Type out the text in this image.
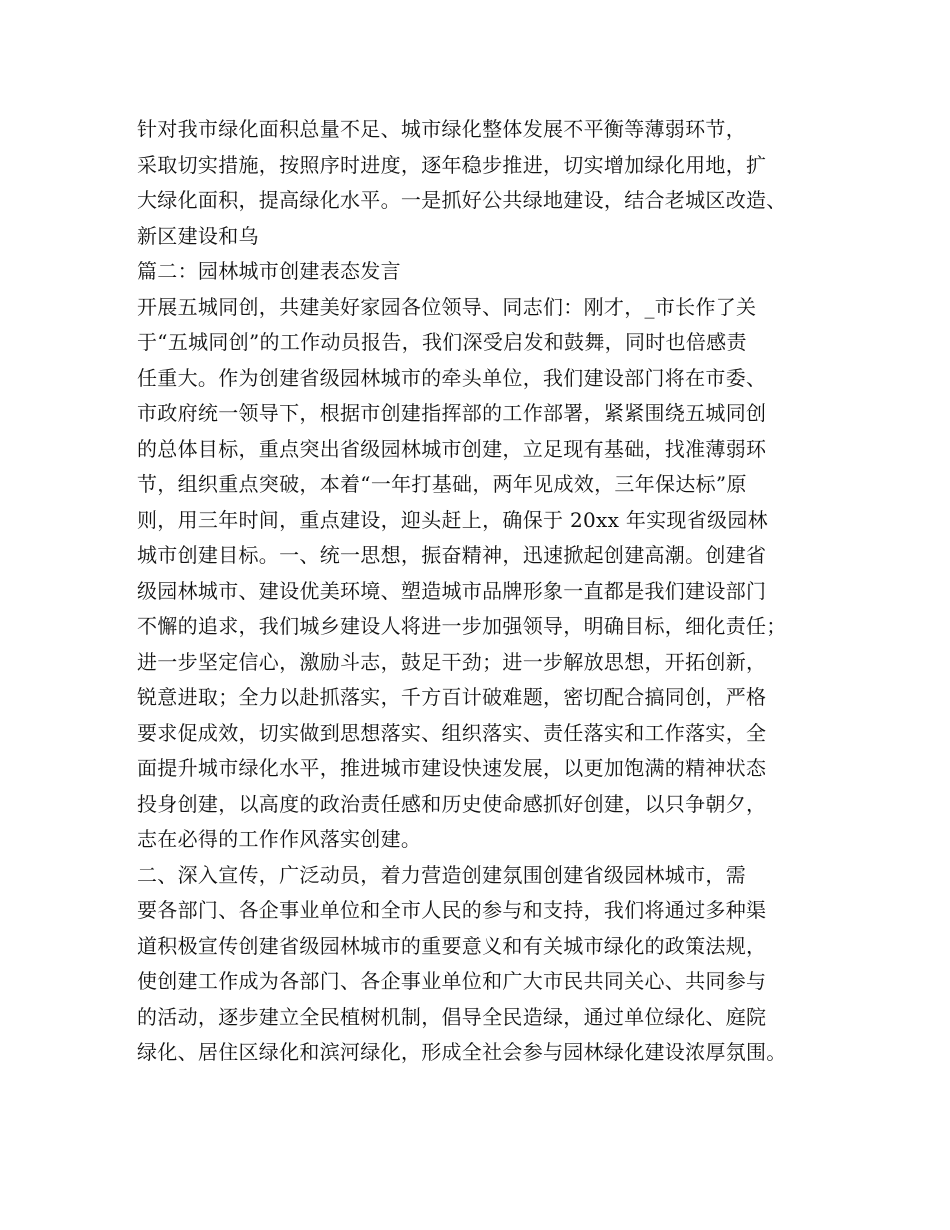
针对我市绿化面积总量不足、城市绿化整体发展不平衡等薄弱环节，
采取切实措施，按照序时进度，逐年稳步推进，切实增加绿化用地，扩
大绿化面积，提高绿化水平。一是抓好公共绿地建设，结合老城区改造、
新区建设和乌
篇二：园林城市创建表态发言
开展五城同创，共建美好家园各位领导、同志们：刚才，_市长作了关
于“五城同创”的工作动员报告，我们深受启发和鼓舞，同时也倍感责
任重大。作为创建省级园林城市的牵头单位，我们建设部门将在市委、
市政府统一领导下，根据市创建指挥部的工作部署，紧紧围绕五城同创
的总体目标，重点突出省级园林城市创建，立足现有基础，找准薄弱环
节，组织重点突破，本着“一年打基础，两年见成效，三年保达标”原
则，用三年时间，重点建设，迎头赶上，确保于 20xx 年实现省级园林
城市创建目标。一、统一思想，振奋精神，迅速掀起创建高潮。创建省
级园林城市、建设优美环境、塑造城市品牌形象一直都是我们建设部门
不懈的追求，我们城乡建设人将进一步加强领导，明确目标，细化责任；
进一步坚定信心，激励斗志，鼓足干劲；进一步解放思想，开拓创新，
锐意进取；全力以赴抓落实，千方百计破难题，密切配合搞同创，严格
要求促成效，切实做到思想落实、组织落实、责任落实和工作落实，全
面提升城市绿化水平，推进城市建设快速发展，以更加饱满的精神状态
投身创建，以高度的政治责任感和历史使命感抓好创建，以只争朝夕，
志在必得的工作作风落实创建。
二、深入宣传，广泛动员，着力营造创建氛围创建省级园林城市，需
要各部门、各企事业单位和全市人民的参与和支持，我们将通过多种渠
道积极宣传创建省级园林城市的重要意义和有关城市绿化的政策法规，
使创建工作成为各部门、各企事业单位和广大市民共同关心、共同参与
的活动，逐步建立全民植树机制，倡导全民造绿，通过单位绿化、庭院
绿化、居住区绿化和滨河绿化，形成全社会参与园林绿化建设浓厚氛围。
